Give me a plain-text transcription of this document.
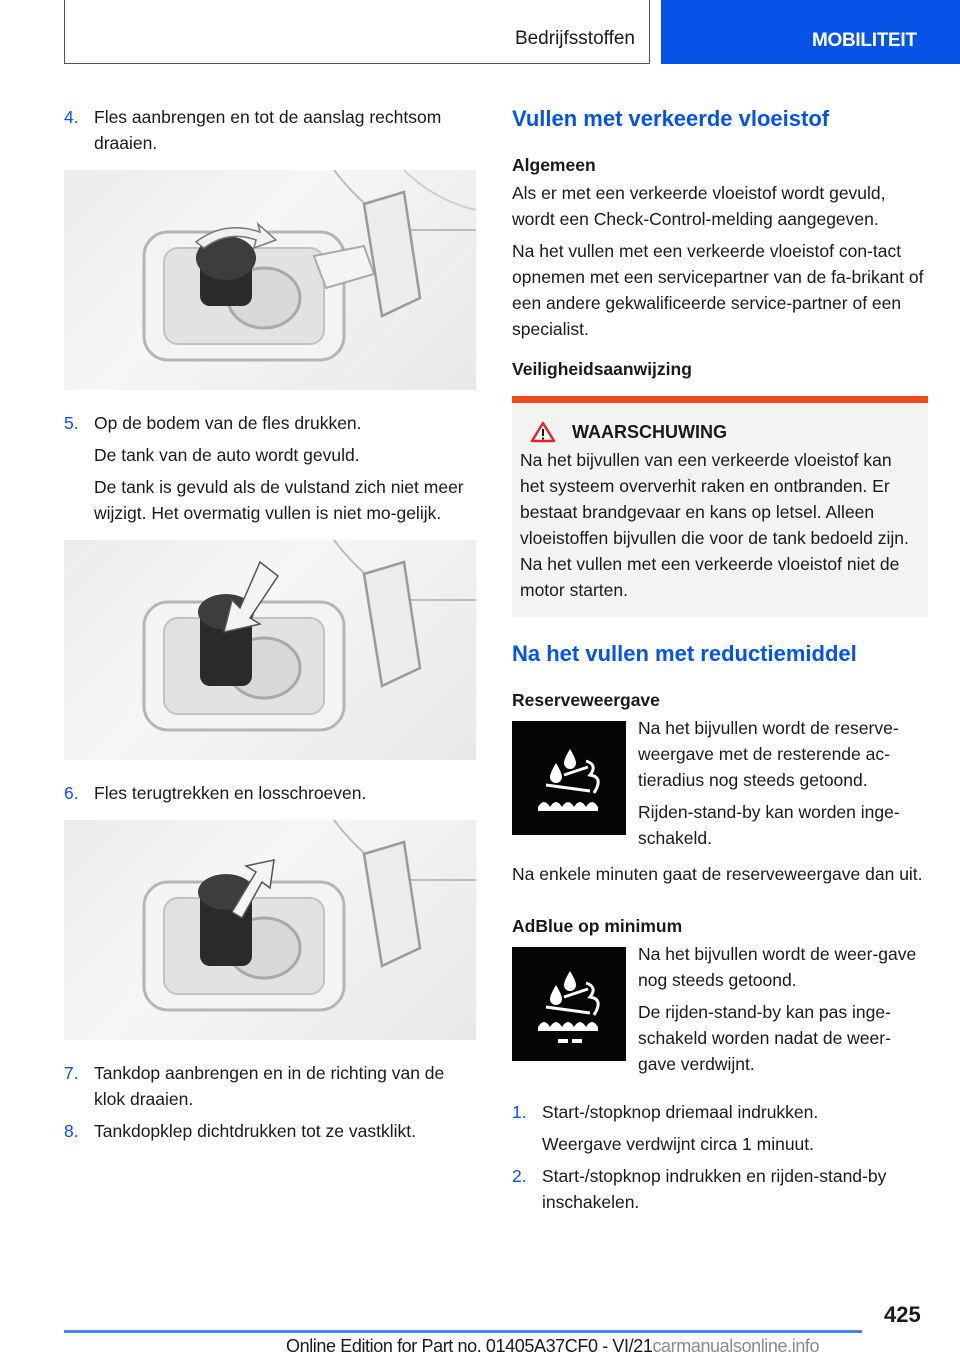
Bedrijfsstoffen	MOBILITEIT
4. Fles aanbrengen en tot de aanslag rechtsom draaien.
5. Op de bodem van de fles drukken.
De tank van de auto wordt gevuld.
De tank is gevuld als de vulstand zich niet meer wijzigt. Het overmatig vullen is niet mo-gelijk.
6. Fles terugtrekken en losschroeven.
7. Tankdop aanbrengen en in de richting van de klok draaien.
8. Tankdopklep dichtdrukken tot ze vastklikt.
Vullen met verkeerde vloeistof
Algemeen

Als er met een verkeerde vloeistof wordt gevuld, wordt een Check-Control-melding aangegeven.

Na het vullen met een verkeerde vloeistof con-tact opnemen met een servicepartner van de fa-brikant of een andere gekwalificeerde service-partner of een specialist.

Veiligheidsaanwijzing
WAARSCHUWING

Na het bijvullen van een verkeerde vloeistof kan het systeem oververhit raken en ontbranden. Er bestaat brandgevaar en kans op letsel. Alleen vloeistoffen bijvullen die voor de tank bedoeld zijn. Na het vullen met een verkeerde vloeistof niet de motor starten.

Na het vullen met reductiemiddel
Reserveweergave

Na het bijvullen wordt de reserve-weergave met de resterende ac-tieradius nog steeds getoond.

Rijden-stand-by kan worden inge-schakeld.

Na enkele minuten gaat de reserveweergave dan uit.

AdBlue op minimum

Na het bijvullen wordt de weer-gave nog steeds getoond.

De rijden-stand-by kan pas inge-schakeld worden nadat de weer-gave verdwijnt.

1. Start-/stopknop driemaal indrukken.
Weergave verdwijnt circa 1 minuut.
2. Start-/stopknop indrukken en rijden-stand-by inschakelen.
425
Online Edition for Part no. 01405A37CF0 - VI/21carmanualsonline.info
